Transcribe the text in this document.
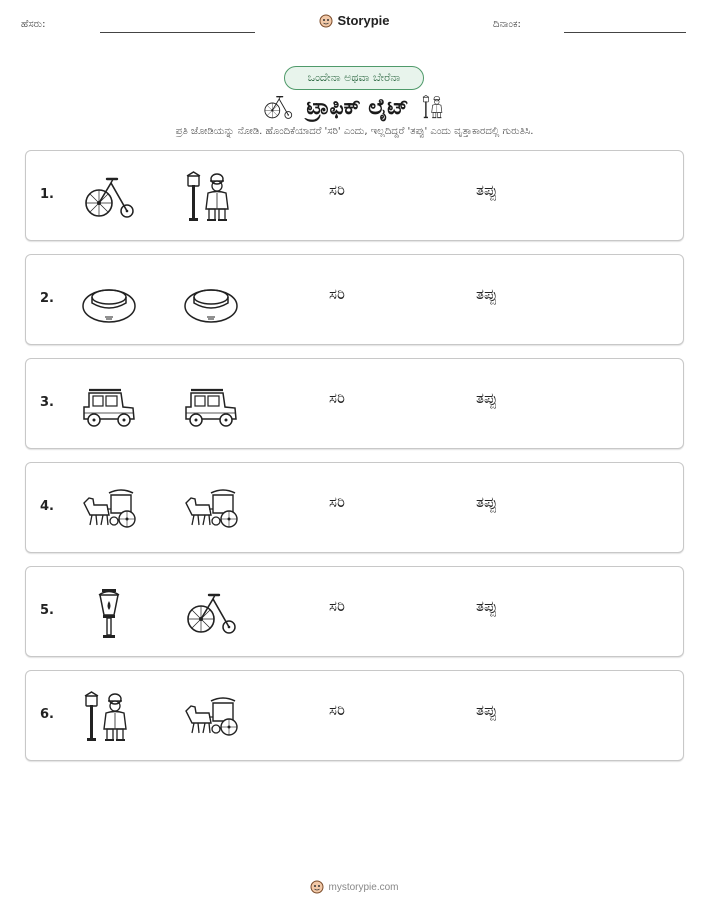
ಹೆಸರು:	Storypie	ದಿನಾಂಕ:
ಒಂದೇನಾ ಅಥವಾ ಬೇರೆನಾ
ಟ್ರಾಫಿಕ್ ಲೈಟ್
ಪ್ರತಿ ಜೋಡಿಯನ್ನು ನೋಡಿ. ಹೊಂದಿಕೆಯಾದರೆ 'ಸರಿ' ಎಂದು, ಇಲ್ಲದಿದ್ದರೆ 'ತಪ್ಪು' ಎಂದು ವೃತ್ತಾಕಾರದಲ್ಲಿ ಗುರುತಿಸಿ.
1.	ಸರಿ	ತಪ್ಪು
2.	ಸರಿ	ತಪ್ಪು
3.	ಸರಿ	ತಪ್ಪು
4.	ಸರಿ	ತಪ್ಪು
5.	ಸರಿ	ತಪ್ಪು
6.	ಸರಿ	ತಪ್ಪು
mystorypie.com
